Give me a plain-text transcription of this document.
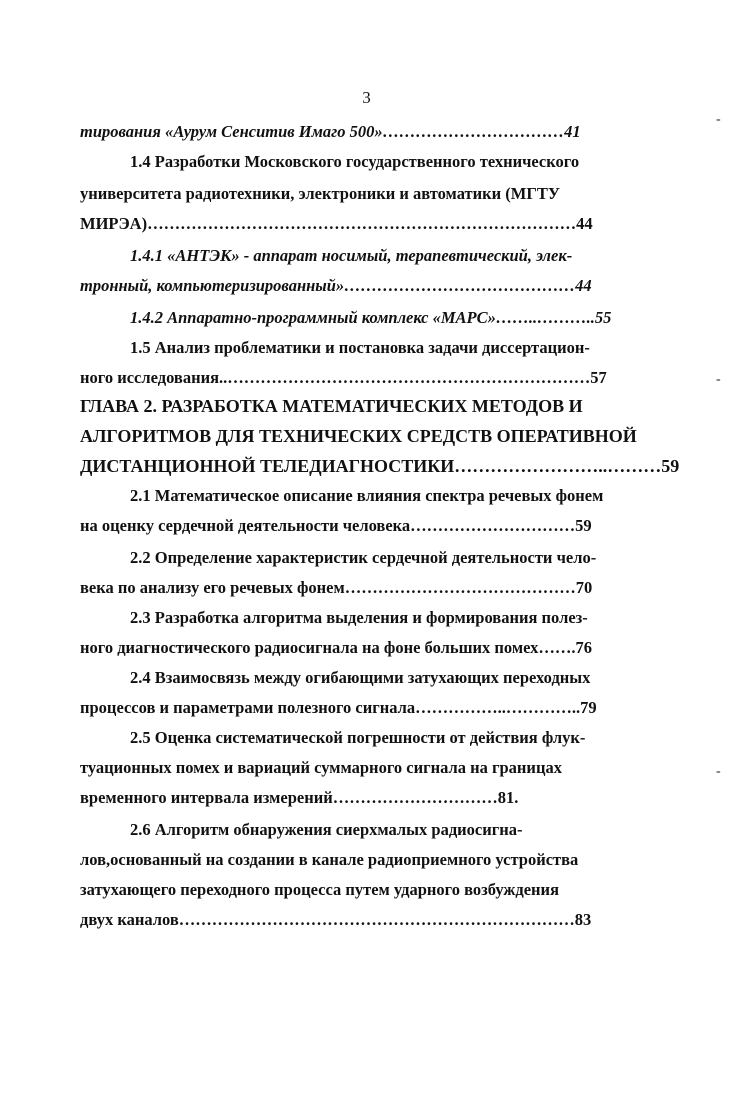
3

тирования «Аурум Сенситив Имаго 500»……………………………41

1.4 Разработки Московского государственного технического

университета радиотехники, электроники и автоматики (МГТУ

МИРЭА)……………………………………………………………………44

1.4.1 «АНТЭК» - аппарат носимый, терапевтический, элек-

тронный, компьютеризированный»……………………………………44

1.4.2 Аппаратно-программный комплекс «МАРС»……..………..55

1.5 Анализ проблематики и постановка задачи диссертацион-

ного исследования..…………………………………………………………57

ГЛАВА 2. РАЗРАБОТКА МАТЕМАТИЧЕСКИХ МЕТОДОВ И

АЛГОРИТМОВ ДЛЯ ТЕХНИЧЕСКИХ СРЕДСТВ ОПЕРАТИВНОЙ

ДИСТАНЦИОННОЙ ТЕЛЕДИАГНОСТИКИ……………………..………59

2.1 Математическое описание влияния спектра речевых фонем

на оценку сердечной деятельности человека…………………………59

2.2 Определение характеристик сердечной деятельности чело-

века по анализу его речевых фонем……………………………………70

2.3 Разработка алгоритма выделения и формирования полез-

ного диагностического радиосигнала на фоне больших помех…….76

2.4 Взаимосвязь между огибающими затухающих переходных

процессов и параметрами полезного сигнала……………..…………..79

2.5 Оценка систематической погрешности от действия флук-

туационных помех и вариаций суммарного сигнала на границах

временного интервала измерений…………………………81.

2.6 Алгоритм обнаружения сиерхмалых радиосигна-

лов,основанный на создании в канале радиоприемного устройства

затухающего переходного процесса путем ударного возбуждения

двух каналов………………………………………………………………83

-
-
-
